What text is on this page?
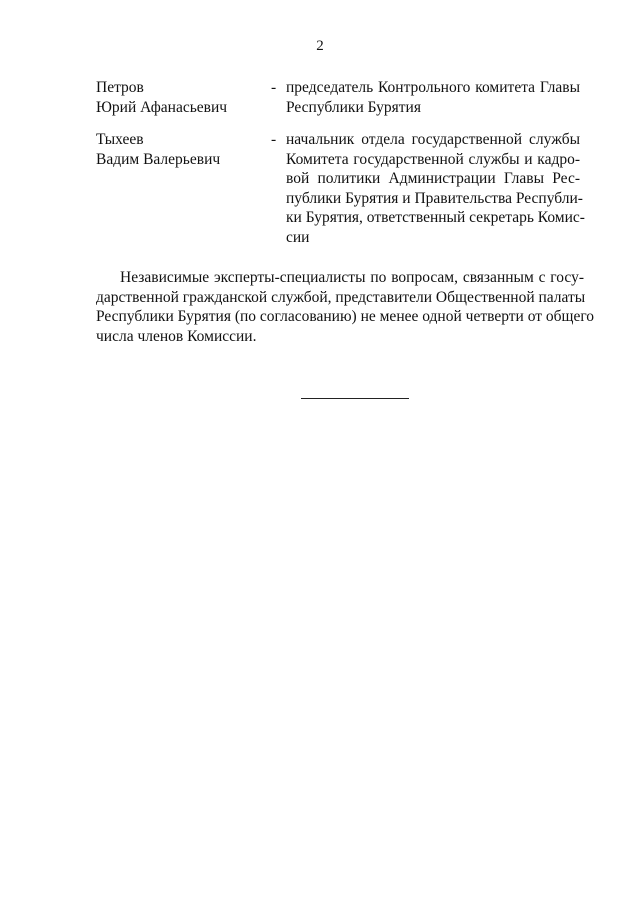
2
Петров
Юрий Афанасьевич
- председатель Контрольного комитета Главы
Республики Бурятия
Тыхеев
Вадим Валерьевич
- начальник отдела государственной службы
Комитета государственной службы и кадро-
вой политики Администрации Главы Рес-
публики Бурятия и Правительства Республи-
ки Бурятия, ответственный секретарь Комис-
сии
Независимые эксперты-специалисты по вопросам, связанным с госу-
дарственной гражданской службой, представители Общественной палаты
Республики Бурятия (по согласованию) не менее одной четверти от общего
числа членов Комиссии.
